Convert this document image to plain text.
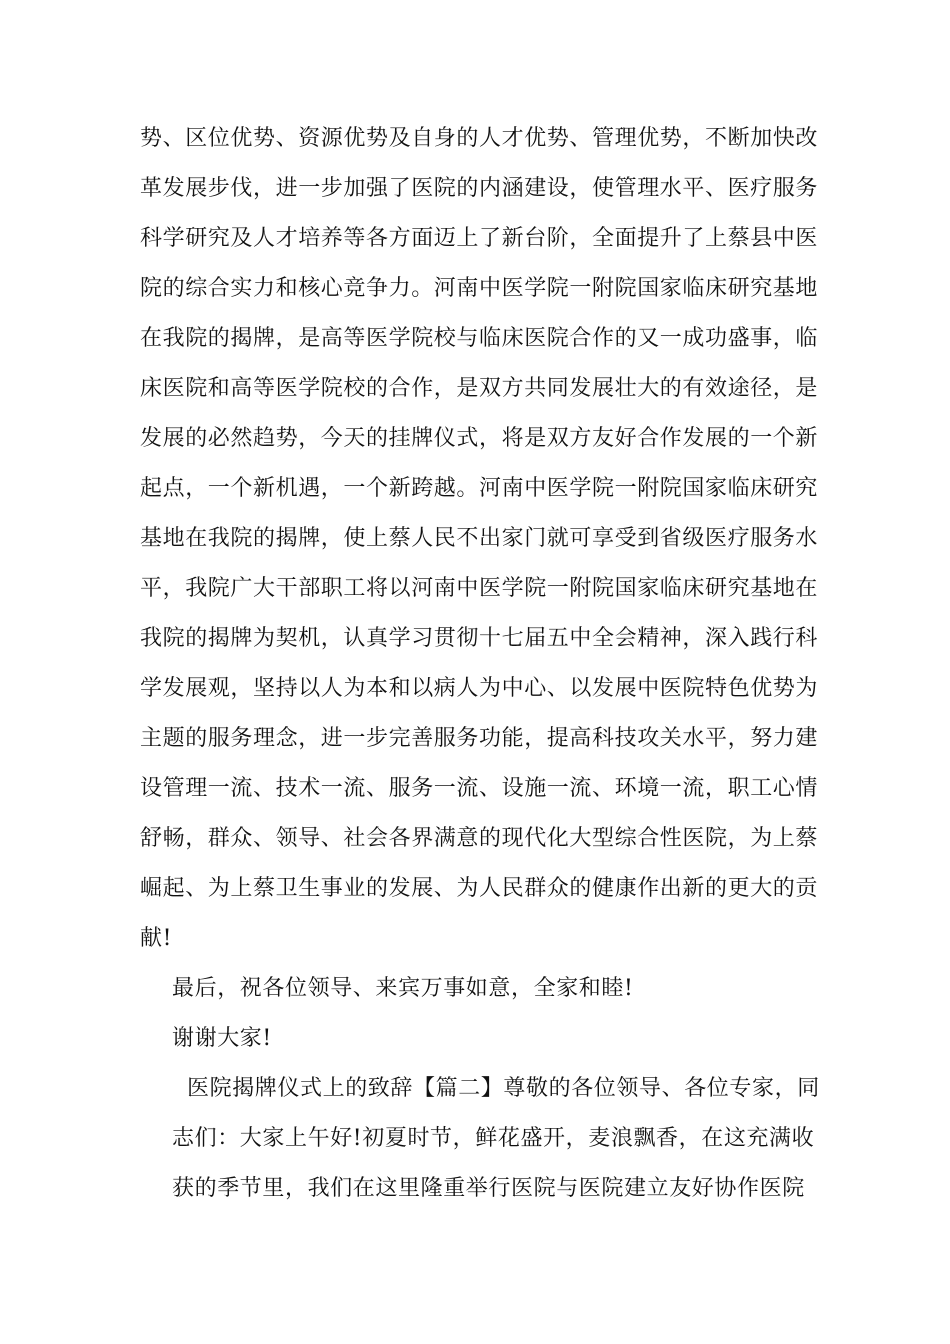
势、区位优势、资源优势及自身的人才优势、管理优势，不断加快改
革发展步伐，进一步加强了医院的内涵建设，使管理水平、医疗服务
科学研究及人才培养等各方面迈上了新台阶，全面提升了上蔡县中医
院的综合实力和核心竞争力。河南中医学院一附院国家临床研究基地
在我院的揭牌，是高等医学院校与临床医院合作的又一成功盛事，临
床医院和高等医学院校的合作，是双方共同发展壮大的有效途径，是
发展的必然趋势，今天的挂牌仪式，将是双方友好合作发展的一个新
起点，一个新机遇，一个新跨越。河南中医学院一附院国家临床研究
基地在我院的揭牌，使上蔡人民不出家门就可享受到省级医疗服务水
平，我院广大干部职工将以河南中医学院一附院国家临床研究基地在
我院的揭牌为契机，认真学习贯彻十七届五中全会精神，深入践行科
学发展观，坚持以人为本和以病人为中心、以发展中医院特色优势为
主题的服务理念，进一步完善服务功能，提高科技攻关水平，努力建
设管理一流、技术一流、服务一流、设施一流、环境一流，职工心情
舒畅，群众、领导、社会各界满意的现代化大型综合性医院，为上蔡
崛起、为上蔡卫生事业的发展、为人民群众的健康作出新的更大的贡
献!
最后，祝各位领导、来宾万事如意，全家和睦!
谢谢大家!
医院揭牌仪式上的致辞【篇二】尊敬的各位领导、各位专家，同
志们：大家上午好!初夏时节，鲜花盛开，麦浪飘香，在这充满收
获的季节里，我们在这里隆重举行医院与医院建立友好协作医院
